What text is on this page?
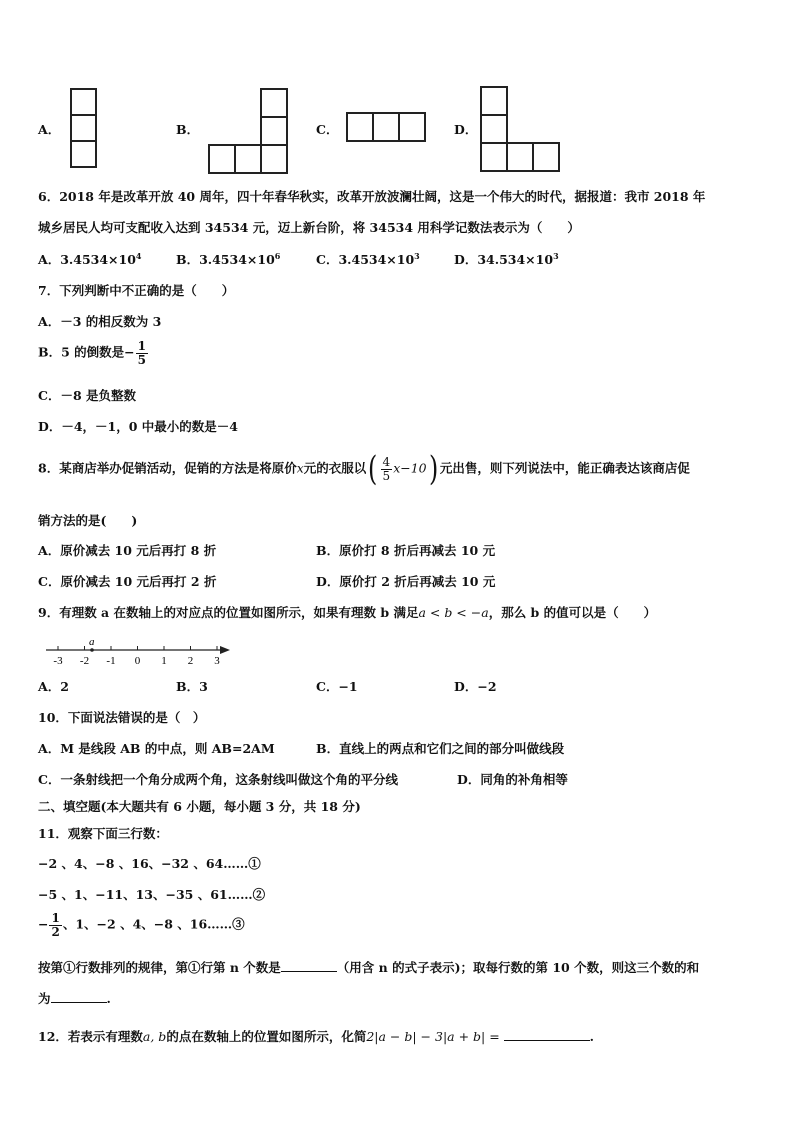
A．	B．	C．	D．
6．2018 年是改革开放 40 周年，四十年春华秋实，改革开放波澜壮阔，这是一个伟大的时代，据报道：我市 2018 年
城乡居民人均可支配收入达到 34534 元，迈上新台阶，将 34534 用科学记数法表示为（　　）
A．$3.4534\times 10^4$	B．$3.4534\times 10^6$	C．$3.4534\times 10^3$	D．$34.534\times 10^3$
7．下列判断中不正确的是（　　）
A．－3 的相反数为 3
B．5 的倒数是− $\frac{1}{5}$
C．－8 是负整数
D．－4，－1，0 中最小的数是－4
8．某商店举办促销活动，促销的方法是将原价x元的衣服以( $\frac{4}{5} x-10$) 元出售，则下列说法中，能正确表达该商店促
销方法的是(　　)
A．原价减去 10 元后再打 8 折	B．原价打 8 折后再减去 10 元
C．原价减去 10 元后再打 2 折	D．原价打 2 折后再减去 10 元
9．有理数 a 在数轴上的对应点的位置如图所示，如果有理数 b 满足a < b < −a，那么 b 的值可以是（　　）
-3 -2 -1 0 1 2 3
a
A．2	B．3	C．−1	D．−2
10．下面说法错误的是（　）
A．M 是线段 AB 的中点，则 AB=2AM	B．直线上的两点和它们之间的部分叫做线段
C．一条射线把一个角分成两个角，这条射线叫做这个角的平分线	D．同角的补角相等
二、填空题(本大题共有 6 小题，每小题 3 分，共 18 分)
11．观察下面三行数：
−2 、4、−8 、16、−32 、64……①
−5 、1、−11、13、−35 、61……②
− $\frac{1}{2}$ 、1、−2 、4、−8 、16……③
按第①行数排列的规律，第①行第 n 个数是	（用含 n 的式子表示)；取每行数的第 10 个数，则这三个数的和
为	.
12．若表示有理数a, b的点在数轴上的位置如图所示，化简2|a − b| − 3|a + b| =	.
